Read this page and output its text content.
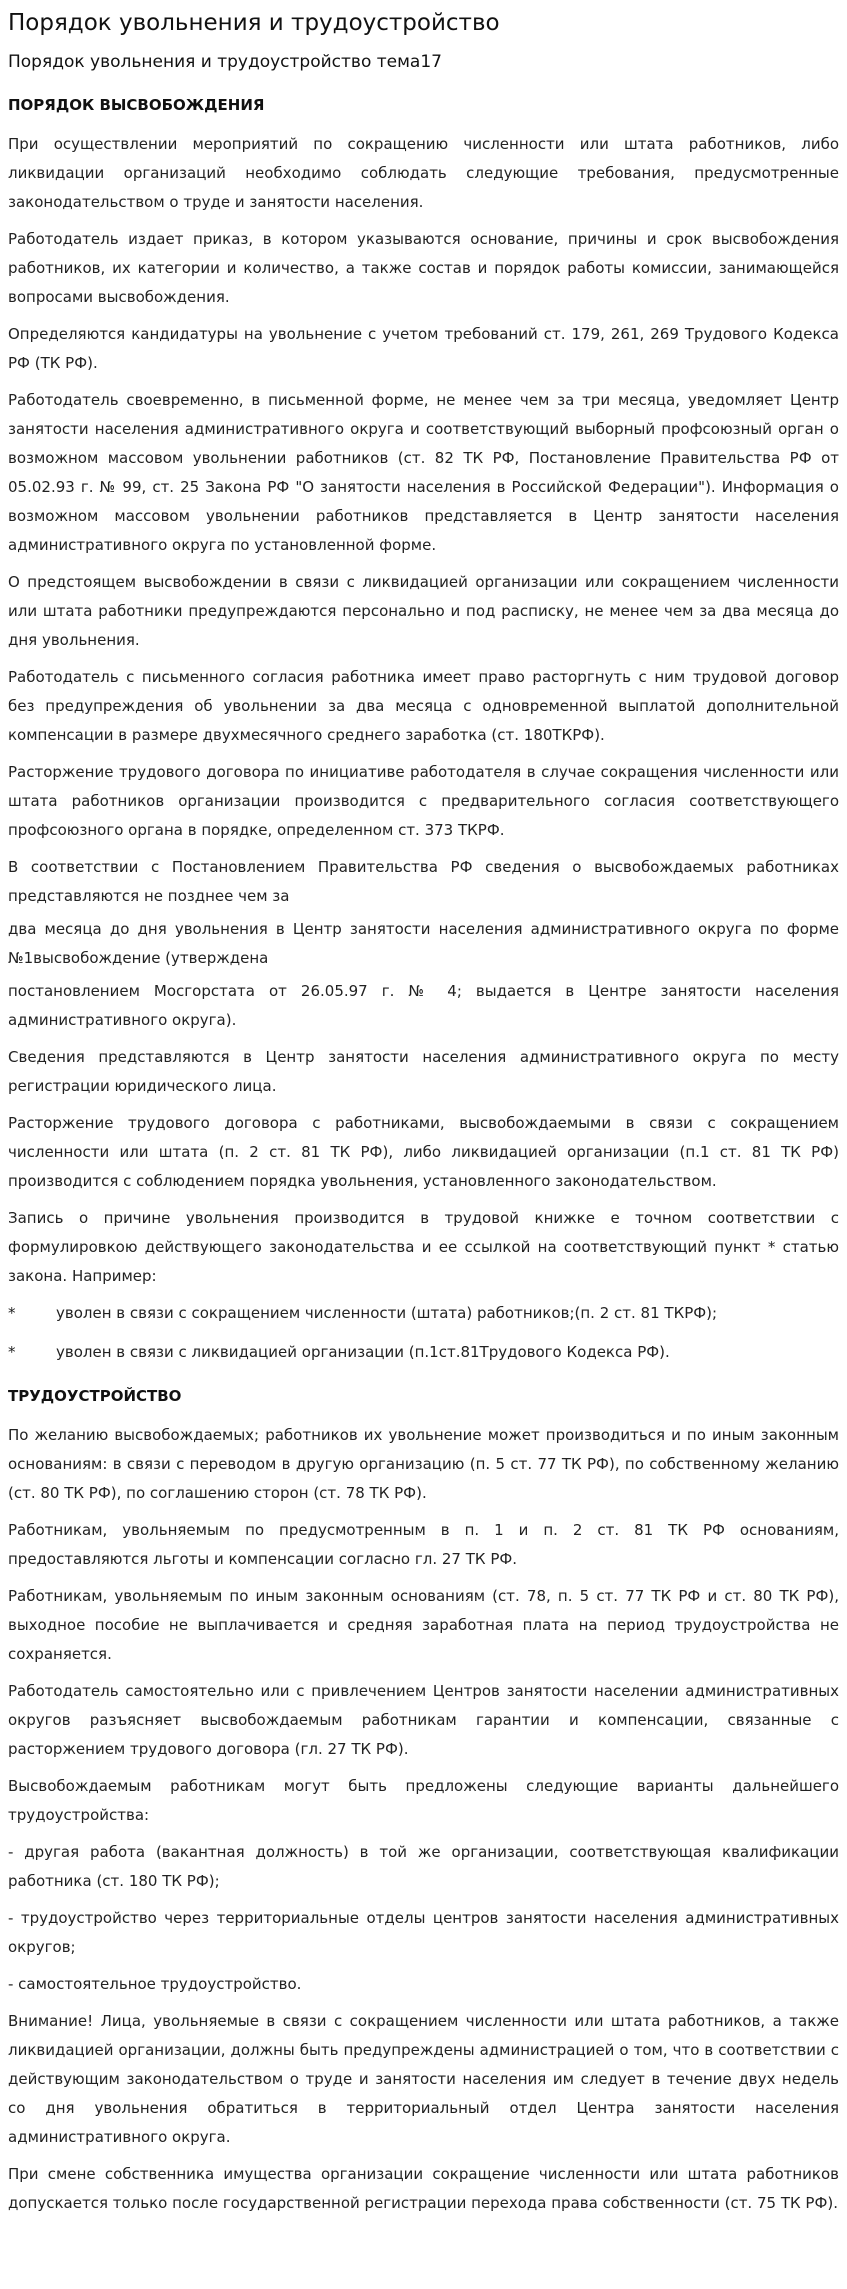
Порядок увольнения и трудоустройство
Порядок увольнения и трудоустройство тема17
ПОРЯДОК ВЫСВОБОЖДЕНИЯ

При осуществлении мероприятий по сокращению численности или штата работников, либо ликвидации организаций необходимо соблюдать следующие требования, предусмотренные законодательством о труде и занятости населения.

Работодатель издает приказ, в котором указываются основание, причины и срок высвобождения работников, их категории и количество, а также состав и порядок работы комиссии, занимающейся вопросами высвобождения.

Определяются кандидатуры на увольнение с учетом требований ст. 179, 261, 269 Трудового Кодекса РФ (ТК РФ).

Работодатель своевременно, в письменной форме, не менее чем за три месяца, уведомляет Центр занятости населения административного округа и соответствующий выборный профсоюзный орган о возможном массовом увольнении работников (ст. 82 ТК РФ, Постановление Правительства РФ от 05.02.93 г. № 99, ст. 25 Закона РФ "О занятости населения в Российской Федерации"). Информация о возможном массовом увольнении работников представляется в Центр занятости населения административного округа по установленной форме.

О предстоящем высвобождении в связи с ликвидацией организации или сокращением численности или штата работники предупреждаются персонально и под расписку, не менее чем за два месяца до дня увольнения.

Работодатель с письменного согласия работника имеет право расторгнуть с ним трудовой договор без предупреждения об увольнении за два месяца с одновременной выплатой дополнительной компенсации в размере двухмесячного среднего заработка (ст. 180ТКРФ).

Расторжение трудового договора по инициативе работодателя в случае сокращения численности или штата работников организации производится с предварительного согласия соответствующего профсоюзного органа в порядке, определенном ст. 373 ТКРФ.

В соответствии с Постановлением Правительства РФ сведения о высвобождаемых работниках представляются не позднее чем за

два месяца до дня увольнения в Центр занятости населения административного округа по форме №1высвобождение (утверждена

постановлением Мосгорстата от 26.05.97 г. № 4; выдается в Центре занятости населения административного округа).

Сведения представляются в Центр занятости населения административного округа по месту регистрации юридического лица.

Расторжение трудового договора с работниками, высвобождаемыми в связи с сокращением численности или штата (п. 2 ст. 81 ТК РФ), либо ликвидацией организации (п.1 ст. 81 ТК РФ) производится с соблюдением порядка увольнения, установленного законодательством.

Запись о причине увольнения производится в трудовой книжке е точном соответствии с формулировкою действующего законодательства и ее ссылкой на соответствующий пункт * статью закона. Например:

*	уволен в связи с сокращением численности (штата) работников;(п. 2 ст. 81 ТКРФ);
*	уволен в связи с ликвидацией организации (п.1ст.81Трудового Кодекса РФ).
ТРУДОУСТРОЙСТВО

По желанию высвобождаемых; работников их увольнение может производиться и по иным законным основаниям: в связи с переводом в другую организацию (п. 5 ст. 77 ТК РФ), по собственному желанию (ст. 80 ТК РФ), по соглашению сторон (ст. 78 ТК РФ).

Работникам, увольняемым по предусмотренным в п. 1 и п. 2 ст. 81 ТК РФ основаниям, предоставляются льготы и компенсации согласно гл. 27 ТК РФ.

Работникам, увольняемым по иным законным основаниям (ст. 78, п. 5 ст. 77 ТК РФ и ст. 80 ТК РФ), выходное пособие не выплачивается и средняя заработная плата на период трудоустройства не сохраняется.

Работодатель самостоятельно или с привлечением Центров занятости населении административных округов разъясняет высвобождаемым работникам гарантии и компенсации, связанные с расторжением трудового договора (гл. 27 ТК РФ).

Высвобождаемым работникам могут быть предложены следующие варианты дальнейшего трудоустройства:

- другая работа (вакантная должность) в той же организации, соответствующая квалификации работника (ст. 180 ТК РФ);

- трудоустройство через территориальные отделы центров занятости населения административных округов;

- самостоятельное трудоустройство.

Внимание! Лица, увольняемые в связи с сокращением численности или штата работников, а также ликвидацией организации, должны быть предупреждены администрацией о том, что в соответствии с действующим законодательством о труде и занятости населения им следует в течение двух недель со дня увольнения обратиться в территориальный отдел Центра занятости населения административного округа.

При смене собственника имущества организации сокращение численности или штата работников допускается только после государственной регистрации перехода права собственности (ст. 75 ТК РФ).
